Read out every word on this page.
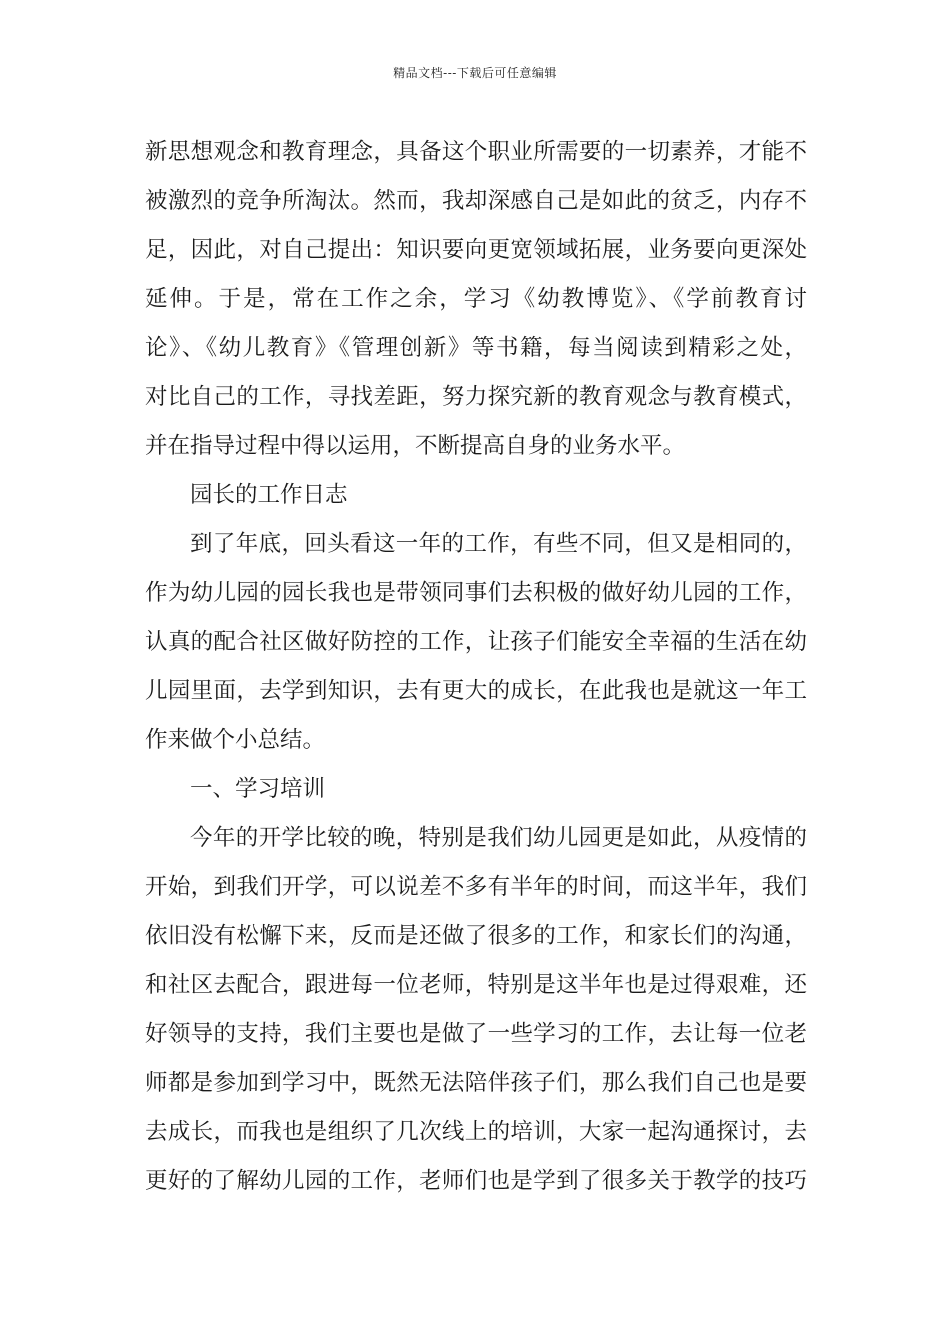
精品文档---下载后可任意编辑
新思想观念和教育理念，具备这个职业所需要的一切素养，才能不
被激烈的竞争所淘汰。然而，我却深感自己是如此的贫乏，内存不
足，因此，对自己提出：知识要向更宽领域拓展，业务要向更深处
延伸。于是，常在工作之余，学习《幼教博览》、《学前教育讨
论》、《幼儿教育》《管理创新》等书籍，每当阅读到精彩之处，
对比自己的工作，寻找差距，努力探究新的教育观念与教育模式，
并在指导过程中得以运用，不断提高自身的业务水平。
园长的工作日志
到了年底，回头看这一年的工作，有些不同，但又是相同的，
作为幼儿园的园长我也是带领同事们去积极的做好幼儿园的工作，
认真的配合社区做好防控的工作，让孩子们能安全幸福的生活在幼
儿园里面，去学到知识，去有更大的成长，在此我也是就这一年工
作来做个小总结。
一、学习培训
今年的开学比较的晚，特别是我们幼儿园更是如此，从疫情的
开始，到我们开学，可以说差不多有半年的时间，而这半年，我们
依旧没有松懈下来，反而是还做了很多的工作，和家长们的沟通，
和社区去配合，跟进每一位老师，特别是这半年也是过得艰难，还
好领导的支持，我们主要也是做了一些学习的工作，去让每一位老
师都是参加到学习中，既然无法陪伴孩子们，那么我们自己也是要
去成长，而我也是组织了几次线上的培训，大家一起沟通探讨，去
更好的了解幼儿园的工作，老师们也是学到了很多关于教学的技巧
